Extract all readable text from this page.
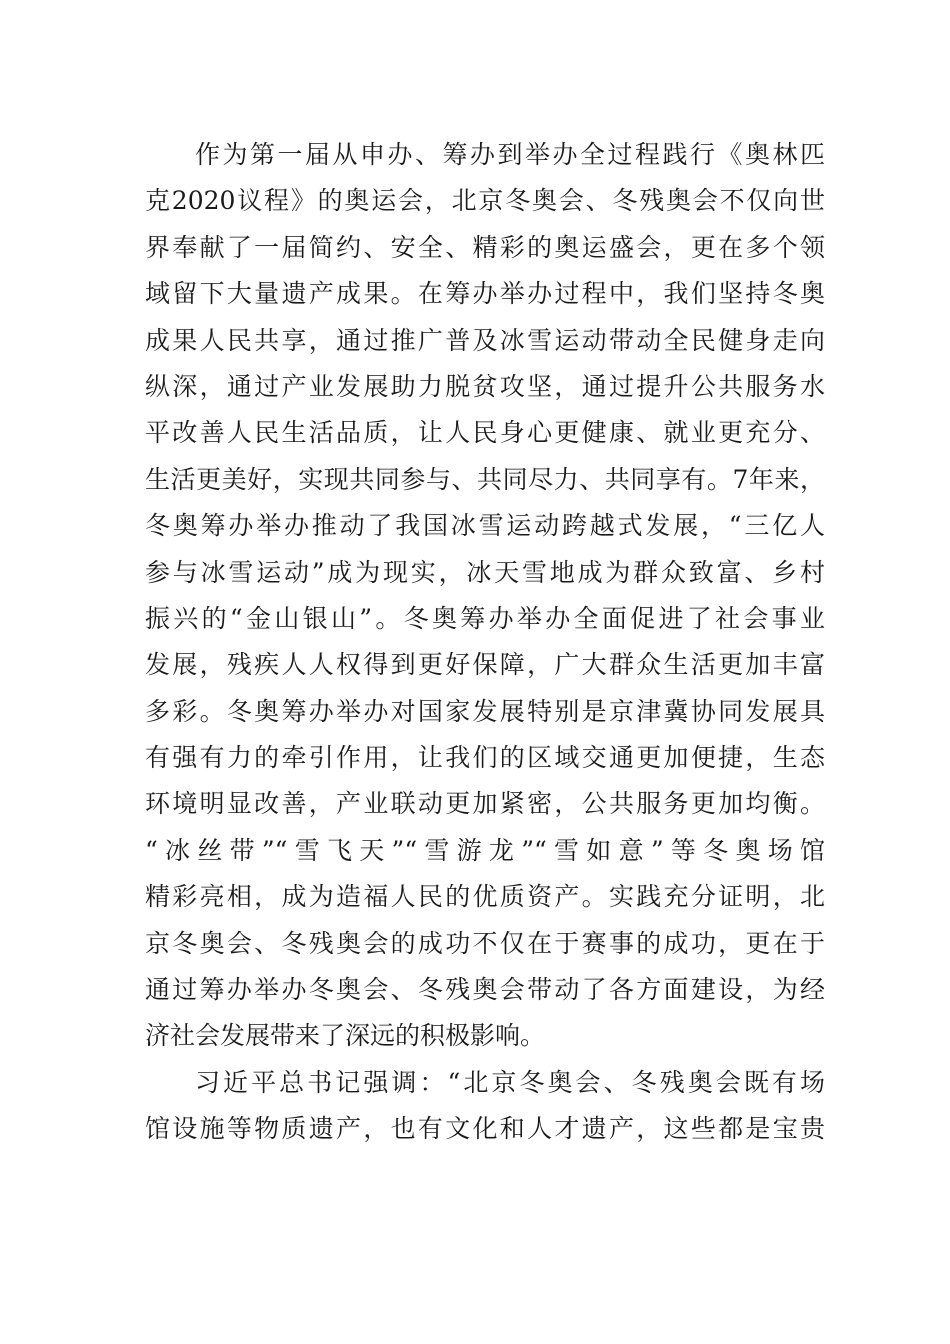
作为第一届从申办、筹办到举办全过程践行《奥林匹
克2020议程》的奥运会，北京冬奥会、冬残奥会不仅向世
界奉献了一届简约、安全、精彩的奥运盛会，更在多个领
域留下大量遗产成果。在筹办举办过程中，我们坚持冬奥
成果人民共享，通过推广普及冰雪运动带动全民健身走向
纵深，通过产业发展助力脱贫攻坚，通过提升公共服务水
平改善人民生活品质，让人民身心更健康、就业更充分、
生活更美好，实现共同参与、共同尽力、共同享有。7年来，
冬奥筹办举办推动了我国冰雪运动跨越式发展，“三亿人
参与冰雪运动”成为现实，冰天雪地成为群众致富、乡村
振兴的“金山银山”。冬奥筹办举办全面促进了社会事业
发展，残疾人人权得到更好保障，广大群众生活更加丰富
多彩。冬奥筹办举办对国家发展特别是京津冀协同发展具
有强有力的牵引作用，让我们的区域交通更加便捷，生态
环境明显改善，产业联动更加紧密，公共服务更加均衡。
“冰丝带”“雪飞天”“雪游龙”“雪如意”等冬奥场馆
精彩亮相，成为造福人民的优质资产。实践充分证明，北
京冬奥会、冬残奥会的成功不仅在于赛事的成功，更在于
通过筹办举办冬奥会、冬残奥会带动了各方面建设，为经
济社会发展带来了深远的积极影响。
习近平总书记强调：“北京冬奥会、冬残奥会既有场
馆设施等物质遗产，也有文化和人才遗产，这些都是宝贵
